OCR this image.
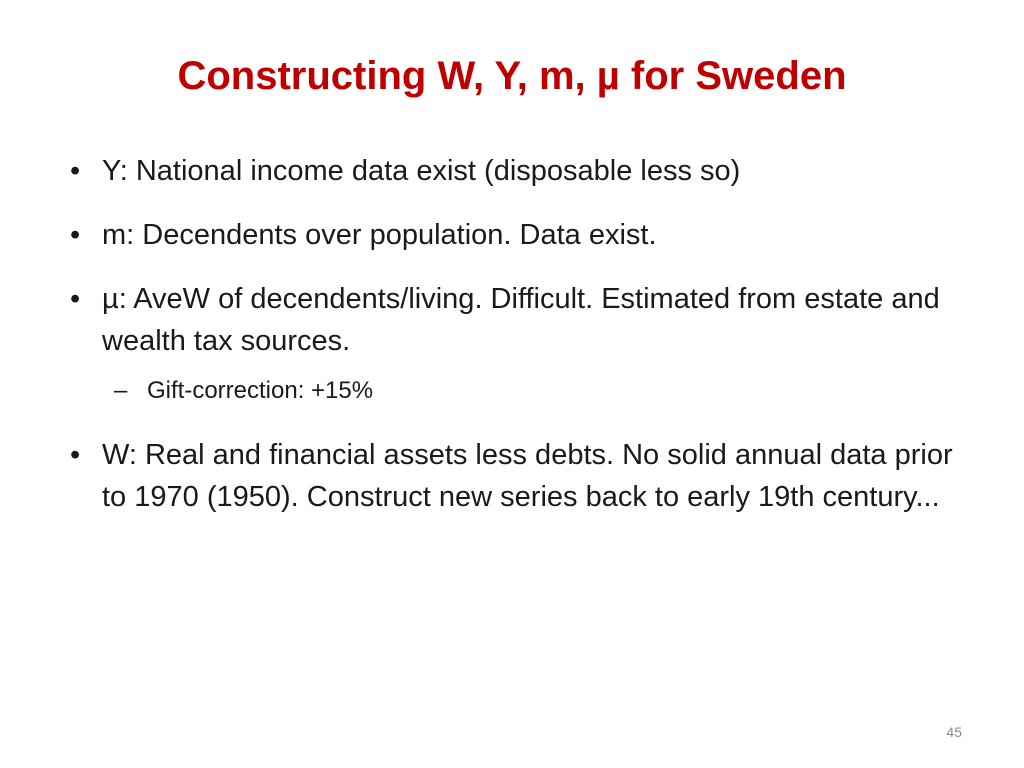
Constructing W, Y, m, µ for Sweden
• Y: National income data exist (disposable less so)
• m: Decendents over population. Data exist.
• µ: AveW of decendents/living. Difficult. Estimated from estate and wealth tax sources.
– Gift-correction: +15%
• W: Real and financial assets less debts. No solid annual data prior to 1970 (1950). Construct new series back to early 19th century...
45
